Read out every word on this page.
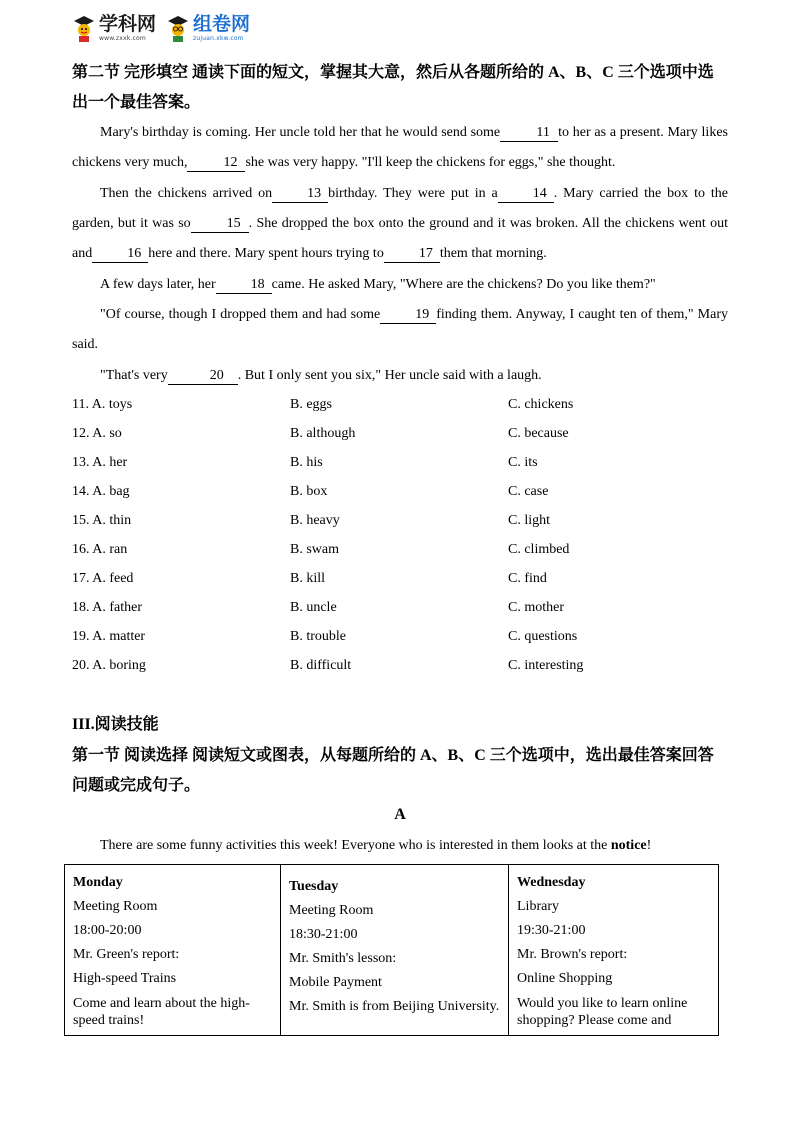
学科网
www.zxxk.com
组卷网
zujuan.xkw.com
第二节 完形填空 通读下面的短文，掌握其大意，然后从各题所给的 A、B、C 三个选项中选
出一个最佳答案。
Mary's birthday is coming. Her uncle told her that he would send some	11 to her as a present. Mary likes chickens very much,	12 she was very happy. "I'll keep the chickens for eggs," she thought.
Then the chickens arrived on	13 birthday. They were put in a	14 . Mary carried the box to the garden, but it was so	15 . She dropped the box onto the ground and it was broken. All the chickens went out and	16 here and there. Mary spent hours trying to	17 them that morning.
A few days later, her	18 came. He asked Mary, "Where are the chickens? Do you like them?"
"Of course, though I dropped them and had some	19 finding them. Anyway, I caught ten of them," Mary said.
"That's very	20 . But I only sent you six," Her uncle said with a laugh.
11. A. toys	B. eggs	C. chickens
12. A. so	B. although	C. because
13. A. her	B. his	C. its
14. A. bag	B. box	C. case
15. A. thin	B. heavy	C. light
16. A. ran	B. swam	C. climbed
17. A. feed	B. kill	C. find
18. A. father	B. uncle	C. mother
19. A. matter	B. trouble	C. questions
20. A. boring	B. difficult	C. interesting
III.阅读技能
第一节 阅读选择 阅读短文或图表，从每题所给的 A、B、C 三个选项中，选出最佳答案回答
问题或完成句子。
A
There are some funny activities this week! Everyone who is interested in them looks at the notice!
Monday
Meeting Room
18:00-20:00
Mr. Green's report:
High-speed Trains
Come and learn about the high-speed trains!

Tuesday
Meeting Room
18:30-21:00
Mr. Smith's lesson:
Mobile Payment
Mr. Smith is from Beijing University.

Wednesday
Library
19:30-21:00
Mr. Brown's report:
Online Shopping
Would you like to learn online shopping? Please come and
